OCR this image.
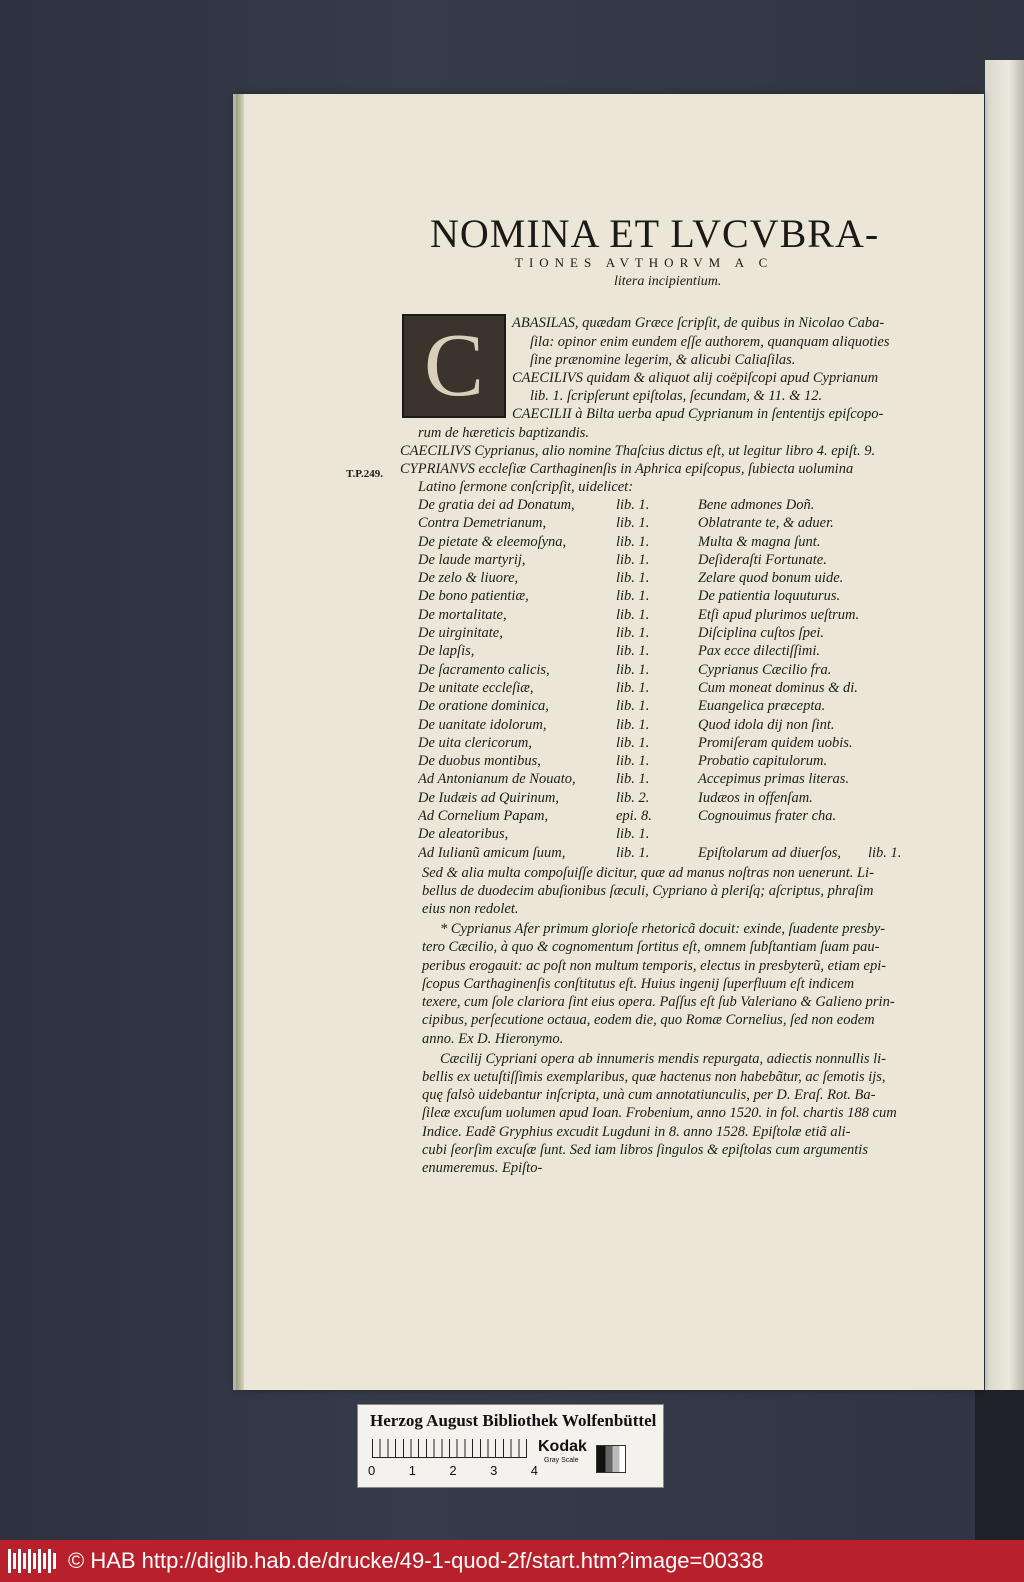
NOMINA ET LVCVBRA-
TIONES AVTHORVM A C
litera incipientium.
C ABASILAS, quædam Græce ſcripſit, de quibus in Nicolao Caba-
ſila: opinor enim eundem eſſe authorem, quanquam aliquoties
ſine prænomine legerim, & alicubi Caliaſilas.
CAECILIVS quidam & aliquot alij coëpiſcopi apud Cyprianum
lib. 1. ſcripſerunt epiſtolas, ſecundam, & 11. & 12.
CAECILII à Bilta uerba apud Cyprianum in ſententijs epiſcopo-
rum de hæreticis baptizandis.
CAECILIVS Cyprianus, alio nomine Thaſcius dictus eſt, ut legitur libro 4. epiſt. 9.
CYPRIANVS eccleſiæ Carthaginenſis in Aphrica epiſcopus, ſubiecta uolumina
Latino ſermone conſcripſit, uidelicet:
T.P.249.
De gratia dei ad Donatum,	lib. 1.	Bene admones Doñ.
Contra Demetrianum,	lib. 1.	Oblatrante te, & aduer.
De pietate & eleemoſyna,	lib. 1.	Multa & magna ſunt.
De laude martyrij,	lib. 1.	Deſideraſti Fortunate.
De zelo & liuore,	lib. 1.	Zelare quod bonum uide.
De bono patientiæ,	lib. 1.	De patientia loquuturus.
De mortalitate,	lib. 1.	Etſi apud plurimos ueſtrum.
De uirginitate,	lib. 1.	Diſciplina cuſtos ſpei.
De lapſis,	lib. 1.	Pax ecce dilectiſſimi.
De ſacramento calicis,	lib. 1.	Cyprianus Cæcilio fra.
De unitate eccleſiæ,	lib. 1.	Cum moneat dominus & di.
De oratione dominica,	lib. 1.	Euangelica præcepta.
De uanitate idolorum,	lib. 1.	Quod idola dij non ſint.
De uita clericorum,	lib. 1.	Promiſeram quidem uobis.
De duobus montibus,	lib. 1.	Probatio capitulorum.
Ad Antonianum de Nouato,	lib. 1.	Accepimus primas literas.
De Iudæis ad Quirinum,	lib. 2.	Iudæos in offenſam.
Ad Cornelium Papam,	epi. 8.	Cognouimus frater cha.
De aleatoribus,	lib. 1.
Ad Iulianũ amicum ſuum,	lib. 1.	Epiſtolarum ad diuerſos,	lib. 1.
Sed & alia multa compoſuiſſe dicitur, quæ ad manus noſtras non uenerunt. Li-
bellus de duodecim abuſionibus ſæculi, Cypriano à pleriſq; aſcriptus, phraſim
eius non redolet.
* Cyprianus Afer primum glorioſe rhetoricã docuit: exinde, ſuadente presby-
tero Cæcilio, à quo & cognomentum ſortitus eſt, omnem ſubſtantiam ſuam pau-
peribus erogauit: ac poſt non multum temporis, electus in presbyterũ, etiam epi-
ſcopus Carthaginenſis conſtitutus eſt. Huius ingenij ſuperfluum eſt indicem
texere, cum ſole clariora ſint eius opera. Paſſus eſt ſub Valeriano & Galieno prin-
cipibus, perſecutione octaua, eodem die, quo Romæ Cornelius, ſed non eodem
anno. Ex D. Hieronymo.
Cæcilij Cypriani opera ab innumeris mendis repurgata, adiectis nonnullis li-
bellis ex uetuſtiſſimis exemplaribus, quæ hactenus non habebãtur, ac ſemotis ijs,
quę falsò uidebantur inſcripta, unà cum annotatiunculis, per D. Eraſ. Rot. Ba-
ſileæ excuſum uolumen apud Ioan. Frobenium, anno 1520. in fol. chartis 188 cum
Indice. Eadẽ Gryphius excudit Lugduni in 8. anno 1528. Epiſtolæ etiã ali-
cubi ſeorſim excuſæ ſunt. Sed iam libros ſingulos & epiſtolas cum argumentis
enumeremus. Epiſto-
Herzog August Bibliothek Wolfenbüttel
0	1	2	3	4
Kodak
Gray Scale
© HAB http://diglib.hab.de/drucke/49-1-quod-2f/start.htm?image=00338
